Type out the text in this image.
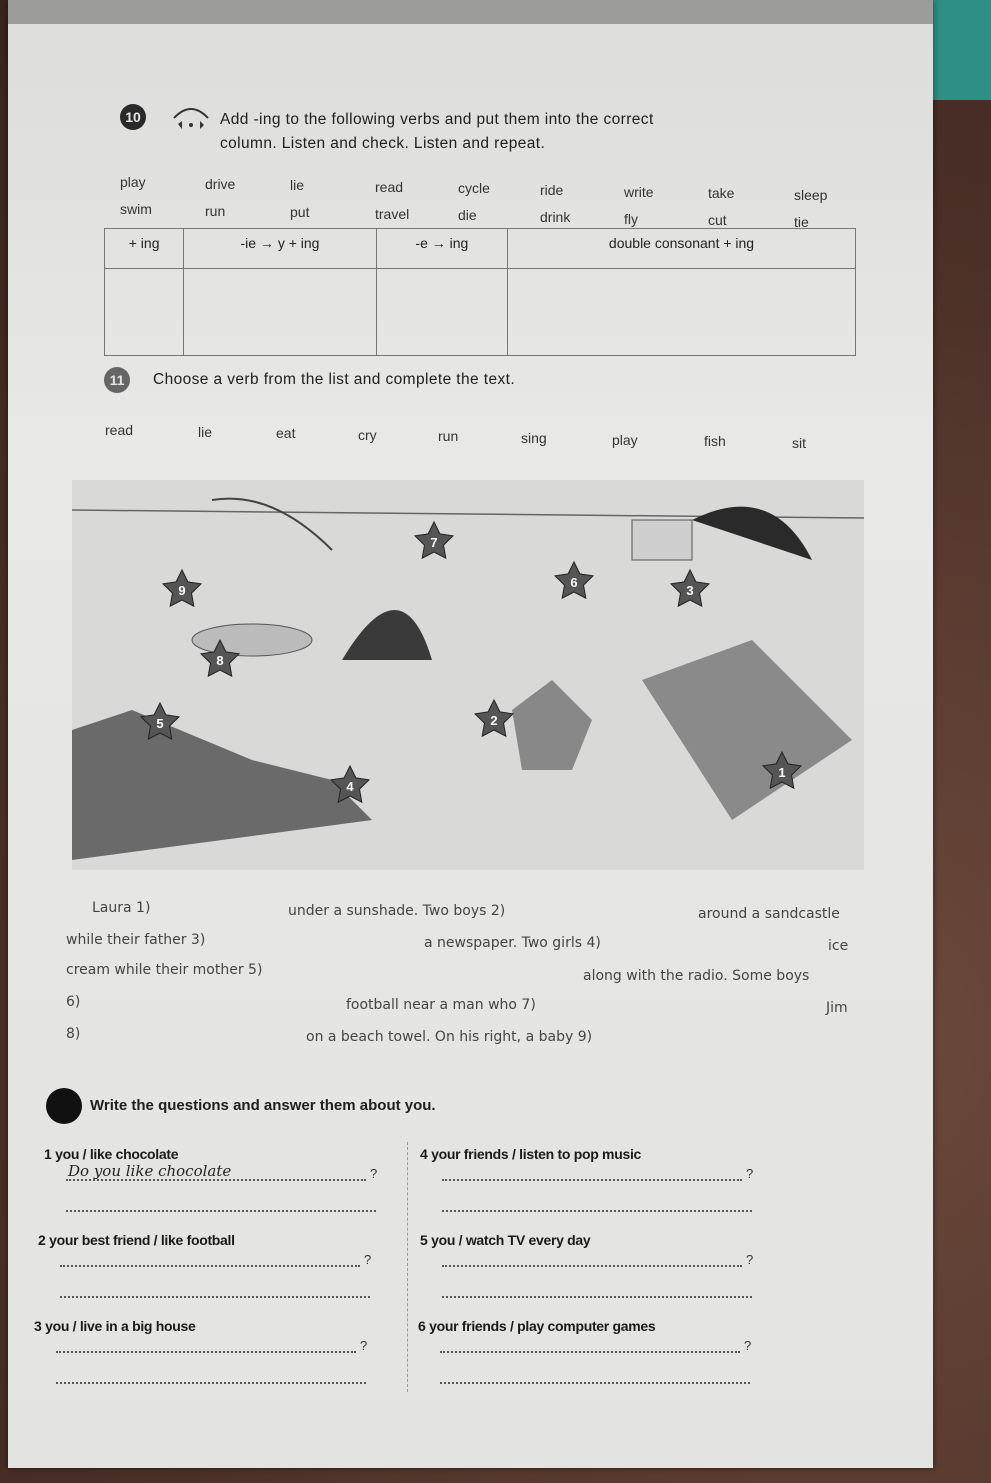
10	Add -ing to the following verbs and put them into the correct
column. Listen and check. Listen and repeat.
play	drive	lie	read	cycle	ride	write	take	sleep
swim	run	put	travel	die	drink	fly	cut	tie
+ ing	-ie → y + ing	-e → ing	double consonant + ing

11	Choose a verb from the list and complete the text.
read	lie	eat	cry	run	sing	play	fish	sit
9
7
6
3
8
5	2
4
1
Laura 1)	under a sunshade. Two boys 2)	around a sandcastle
while their father 3)	a newspaper. Two girls 4)	ice
cream while their mother 5)	along with the radio. Some boys
6)	football near a man who 7)	Jim
8)	on a beach towel. On his right, a baby 9)
Write the questions and answer them about you.
1 you / like chocolate
?
Do you like chocolate
2 your best friend / like football
?
3 you / live in a big house
?
4 your friends / listen to pop music
?
5 you / watch TV every day
?
6 your friends / play computer games
?
